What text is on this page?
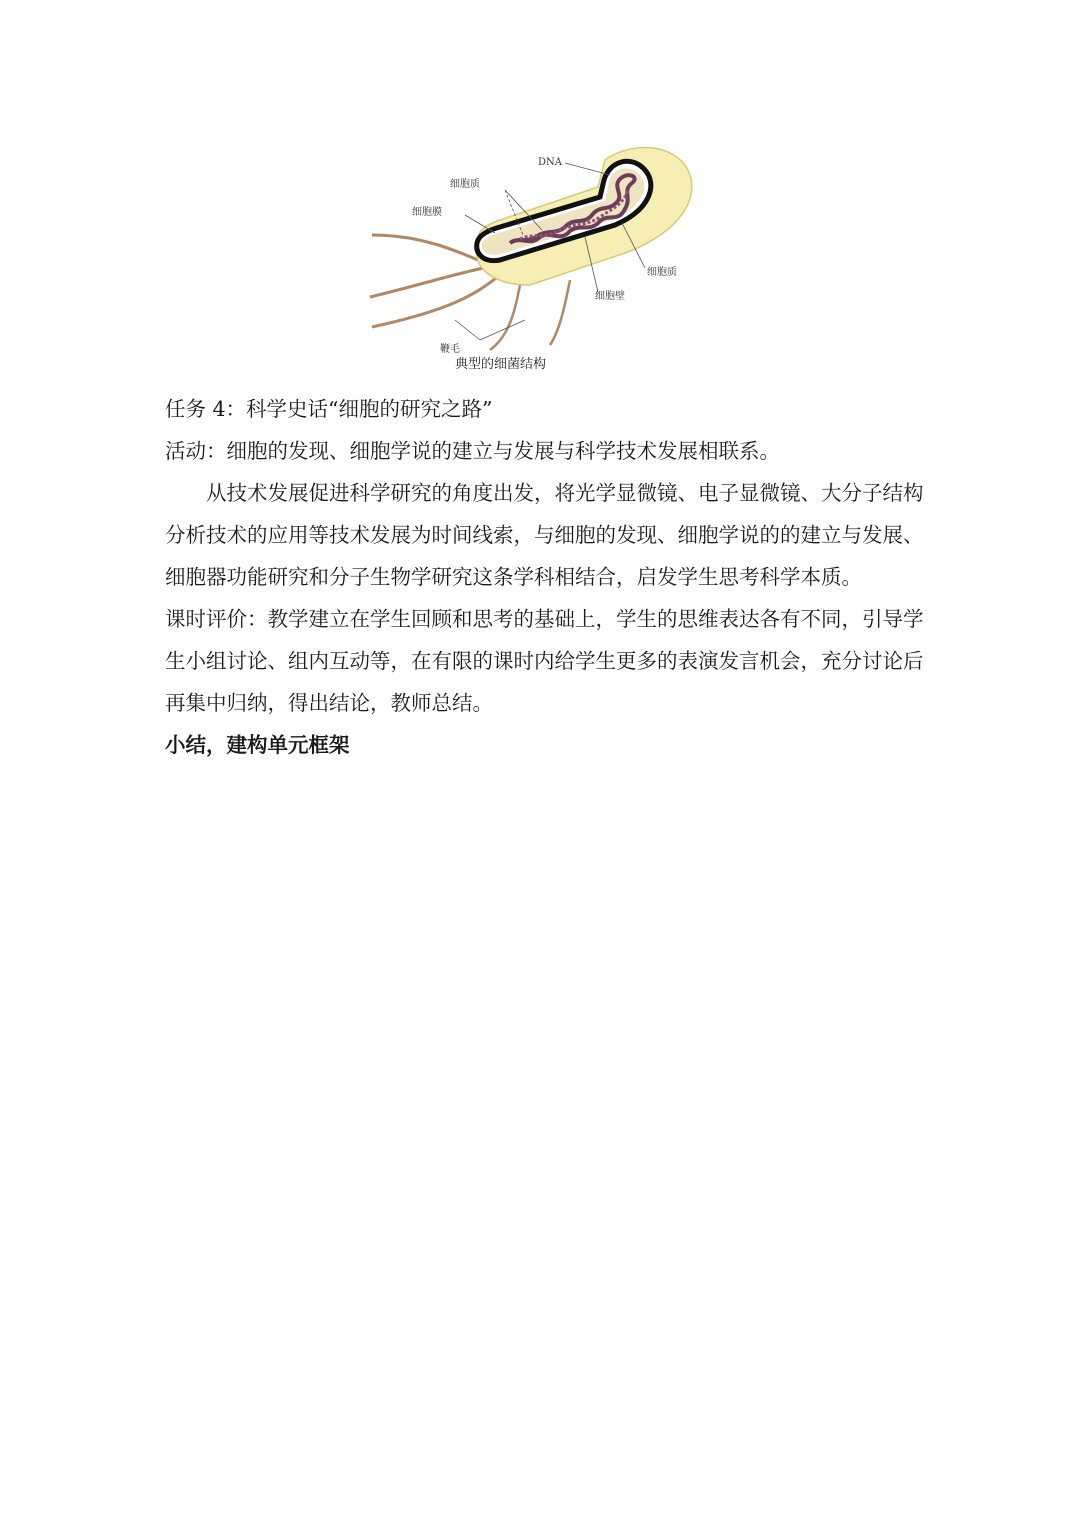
DNA
细胞质
细胞膜
细胞质
细胞壁
鞭毛
典型的细菌结构

任务 4：科学史话“细胞的研究之路”

活动：细胞的发现、细胞学说的建立与发展与科学技术发展相联系。

从技术发展促进科学研究的角度出发，将光学显微镜、电子显微镜、大分子结构分析技术的应用等技术发展为时间线索，与细胞的发现、细胞学说的的建立与发展、细胞器功能研究和分子生物学研究这条学科相结合，启发学生思考科学本质。

课时评价：教学建立在学生回顾和思考的基础上，学生的思维表达各有不同，引导学生小组讨论、组内互动等，在有限的课时内给学生更多的表演发言机会，充分讨论后再集中归纳，得出结论，教师总结。

小结，建构单元框架
